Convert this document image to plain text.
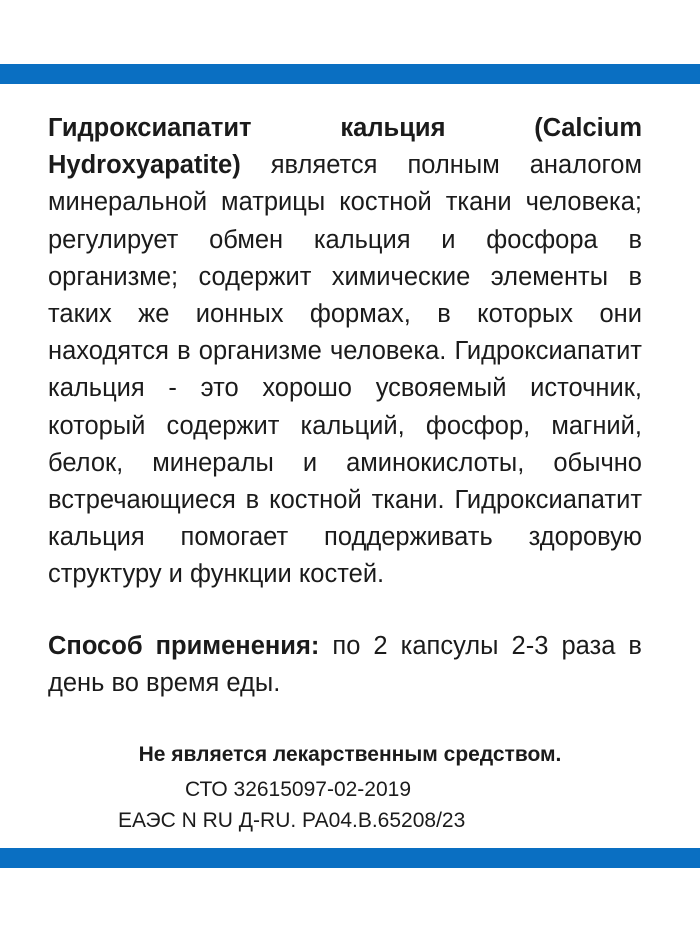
Гидроксиапатит кальция (Calcium Hydroxyapatite) является полным аналогом минеральной матрицы костной ткани человека; регулирует обмен кальция и фосфора в организме; содержит химические элементы в таких же ионных формах, в которых они находятся в организме человека. Гидроксиапатит кальция - это хорошо усвояемый источник, который содержит кальций, фосфор, магний, белок, минералы и аминокислоты, обычно встречающиеся в костной ткани. Гидроксиапатит кальция помогает поддерживать здоровую структуру и функции костей.

Способ применения: по 2 капсулы 2-3 раза в день во время еды.

Не является лекарственным средством.
СТО 32615097-02-2019
ЕАЭС N RU Д-RU. РА04.В.65208/23
